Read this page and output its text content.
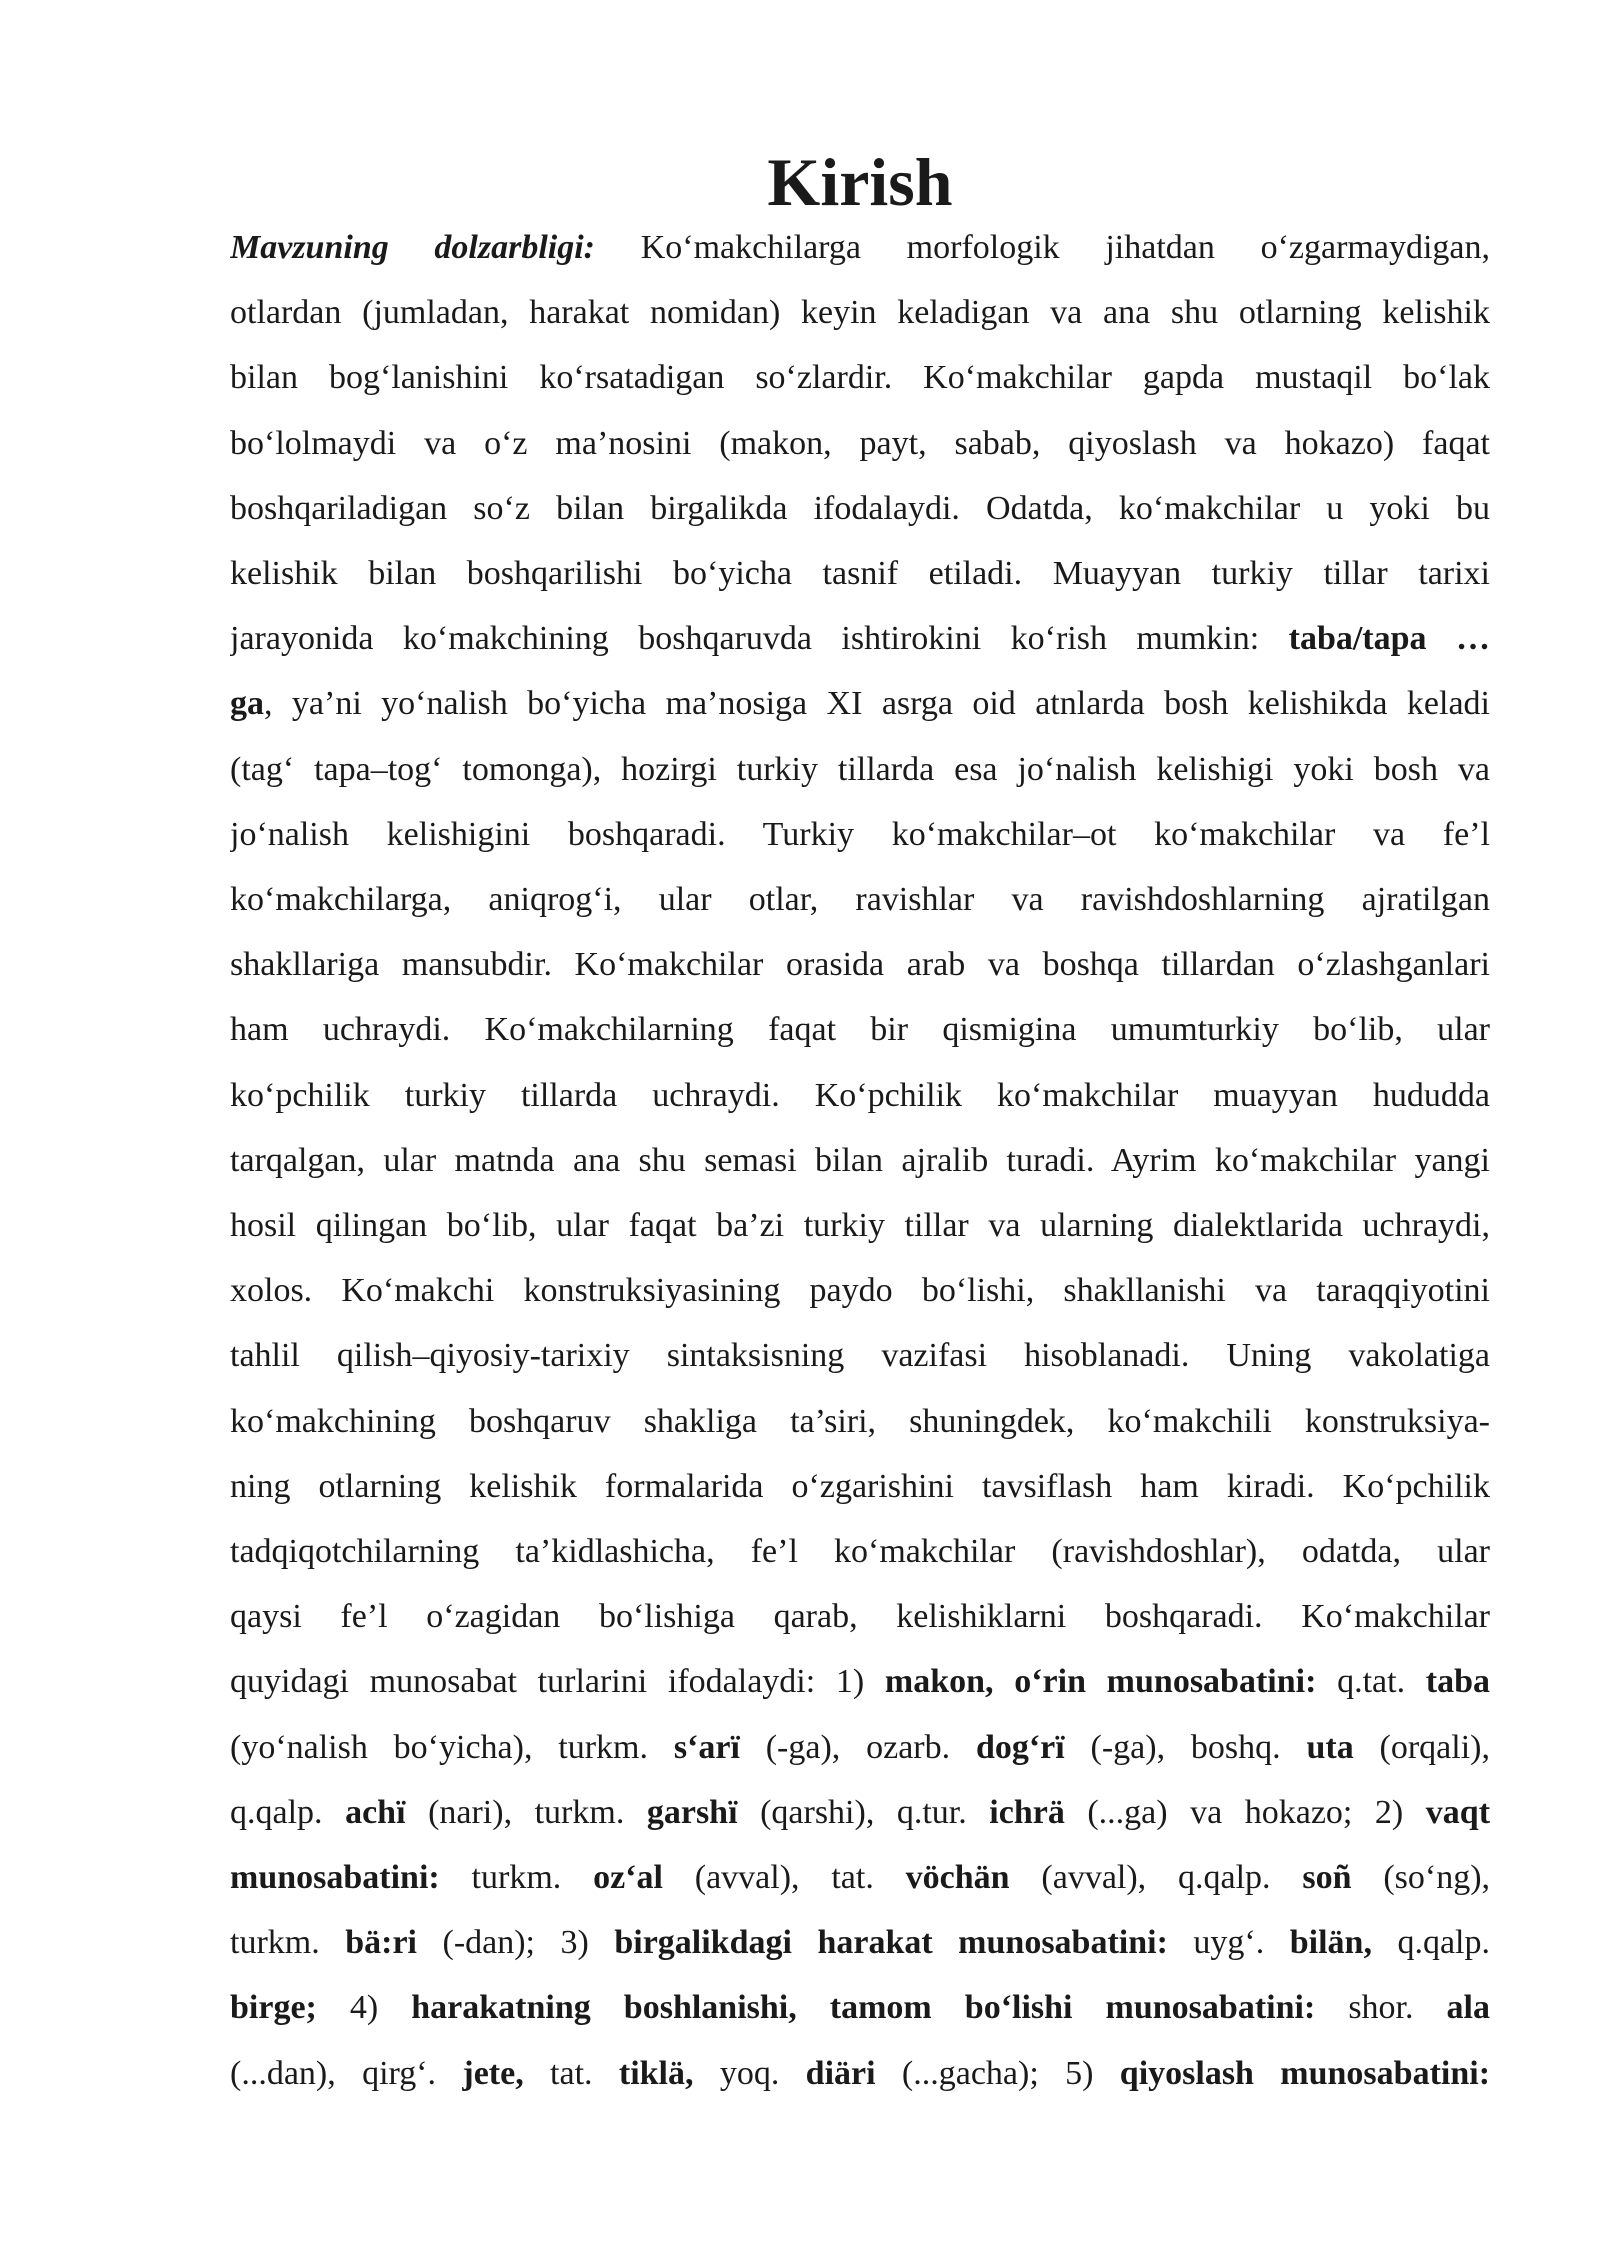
Kirish
Mavzuning dolzarbligi: Ko‘makchilarga morfologik jihatdan o‘zgarmaydigan,
otlardan (jumladan, harakat nomidan) keyin keladigan va ana shu otlarning kelishik
bilan bog‘lanishini ko‘rsatadigan so‘zlardir. Ko‘makchilar gapda mustaqil bo‘lak
bo‘lolmaydi va o‘z ma’nosini (makon, payt, sabab, qiyoslash va hokazo) faqat
boshqariladigan so‘z bilan birgalikda ifodalaydi. Odatda, ko‘makchilar u yoki bu
kelishik bilan boshqarilishi bo‘yicha tasnif etiladi. Muayyan turkiy tillar tarixi
jarayonida ko‘makchining boshqaruvda ishtirokini ko‘rish mumkin: taba/tapa …
ga, ya’ni yo‘nalish bo‘yicha ma’nosiga XI asrga oid atnlarda bosh kelishikda keladi
(tag‘ tapa–tog‘ tomonga), hozirgi turkiy tillarda esa jo‘nalish kelishigi yoki bosh va
jo‘nalish kelishigini boshqaradi. Turkiy ko‘makchilar–ot ko‘makchilar va fe’l
ko‘makchilarga, aniqrog‘i, ular otlar, ravishlar va ravishdoshlarning ajratilgan
shakllariga mansubdir. Ko‘makchilar orasida arab va boshqa tillardan o‘zlashganlari
ham uchraydi. Ko‘makchilarning faqat bir qismigina umumturkiy bo‘lib, ular
ko‘pchilik turkiy tillarda uchraydi. Ko‘pchilik ko‘makchilar muayyan hududda
tarqalgan, ular matnda ana shu semasi bilan ajralib turadi. Ayrim ko‘makchilar yangi
hosil qilingan bo‘lib, ular faqat ba’zi turkiy tillar va ularning dialektlarida uchraydi,
xolos. Ko‘makchi konstruksiyasining paydo bo‘lishi, shakllanishi va taraqqiyotini
tahlil qilish–qiyosiy-tarixiy sintaksisning vazifasi hisoblanadi. Uning vakolatiga
ko‘makchining boshqaruv shakliga ta’siri, shuningdek, ko‘makchili konstruksiya-
ning otlarning kelishik formalarida o‘zgarishini tavsiflash ham kiradi. Ko‘pchilik
tadqiqotchilarning ta’kidlashicha, fe’l ko‘makchilar (ravishdoshlar), odatda, ular
qaysi fe’l o‘zagidan bo‘lishiga qarab, kelishiklarni boshqaradi. Ko‘makchilar
quyidagi munosabat turlarini ifodalaydi: 1) makon, o‘rin munosabatini: q.tat. taba
(yo‘nalish bo‘yicha), turkm. s‘arï (-ga), ozarb. dog‘rï (-ga), boshq. uta (orqali),
q.qalp. achï (nari), turkm. garshï (qarshi), q.tur. ichrä (...ga) va hokazo; 2) vaqt
munosabatini: turkm. oz‘al (avval), tat. vöchän (avval), q.qalp. soñ (so‘ng),
turkm. bä:ri (-dan); 3) birgalikdagi harakat munosabatini: uyg‘. bilän, q.qalp.
birge; 4) harakatning boshlanishi, tamom bo‘lishi munosabatini: shor. ala
(...dan), qirg‘. jete, tat. tiklä, yoq. diäri (...gacha); 5) qiyoslash munosabatini:
